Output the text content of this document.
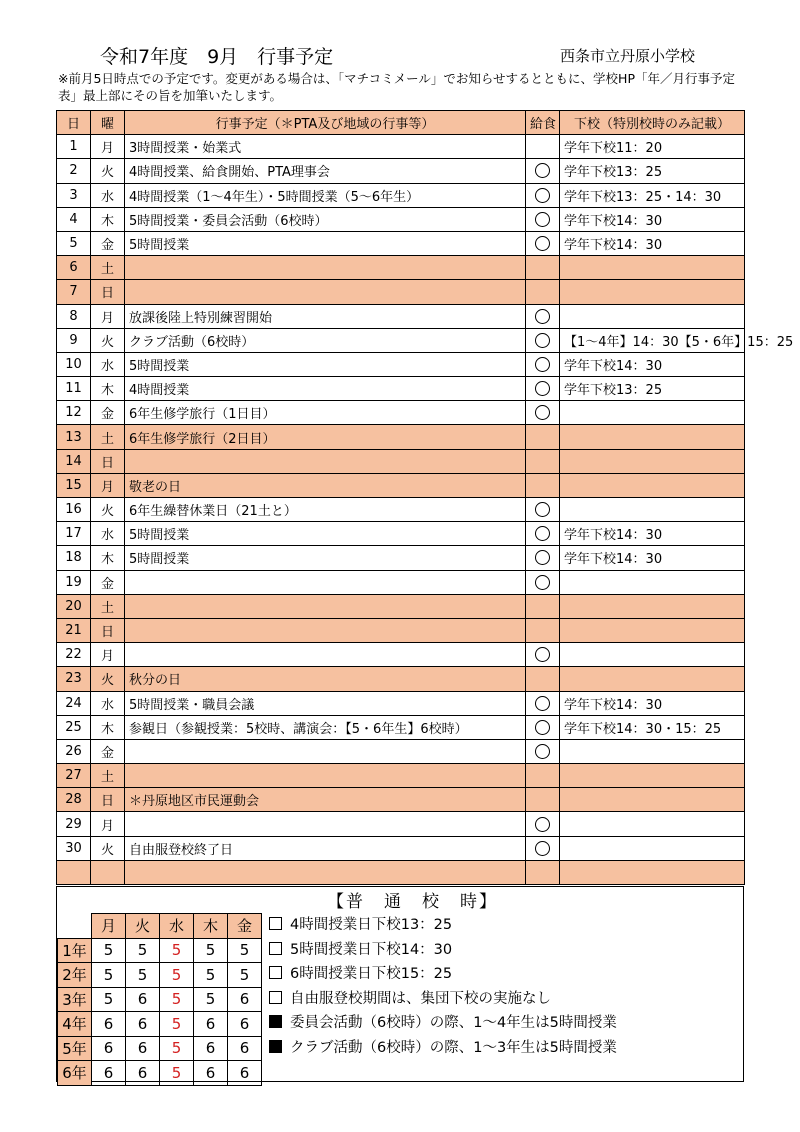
令和7年度　9月　行事予定	西条市立丹原小学校
※前月5日時点での予定です。変更がある場合は、「マチコミメール」でお知らせするとともに、学校HP「年／月行事予定表」最上部にその旨を加筆いたします。
日	曜	行事予定（＊PTA及び地域の行事等）	給食	下校（特別校時のみ記載）
1	月	3時間授業・始業式		学年下校11：20
2	火	4時間授業、給食開始、PTA理事会		学年下校13：25
3	水	4時間授業（1～4年生）・5時間授業（5～6年生）		学年下校13：25・14：30
4	木	5時間授業・委員会活動（6校時）		学年下校14：30
5	金	5時間授業		学年下校14：30
6	土			
7	日			
8	月	放課後陸上特別練習開始		
9	火	クラブ活動（6校時）		【1～4年】14：30【5・6年】15：25
10	水	5時間授業		学年下校14：30
11	木	4時間授業		学年下校13：25
12	金	6年生修学旅行（1日目）		
13	土	6年生修学旅行（2日目）		
14	日			
15	月	敬老の日		
16	火	6年生繰替休業日（21土と）		
17	水	5時間授業		学年下校14：30
18	木	5時間授業		学年下校14：30
19	金			
20	土			
21	日			
22	月			
23	火	秋分の日		
24	水	5時間授業・職員会議		学年下校14：30
25	木	参観日（参観授業：5校時、講演会：【5・6年生】6校時）		学年下校14：30・15：25
26	金			
27	土			
28	日	＊丹原地区市民運動会		
29	月			
30	火	自由服登校終了日		

【普　通　校　時】
	月	火	水	木	金
1年	5	5	5	5	5
2年	5	5	5	5	5
3年	5	6	5	5	6
4年	6	6	5	6	6
5年	6	6	5	6	6
6年	6	6	5	6	6
4時間授業日下校13：25
5時間授業日下校14：30
6時間授業日下校15：25
自由服登校期間は、集団下校の実施なし
委員会活動（6校時）の際、1～4年生は5時間授業
クラブ活動（6校時）の際、1～3年生は5時間授業
